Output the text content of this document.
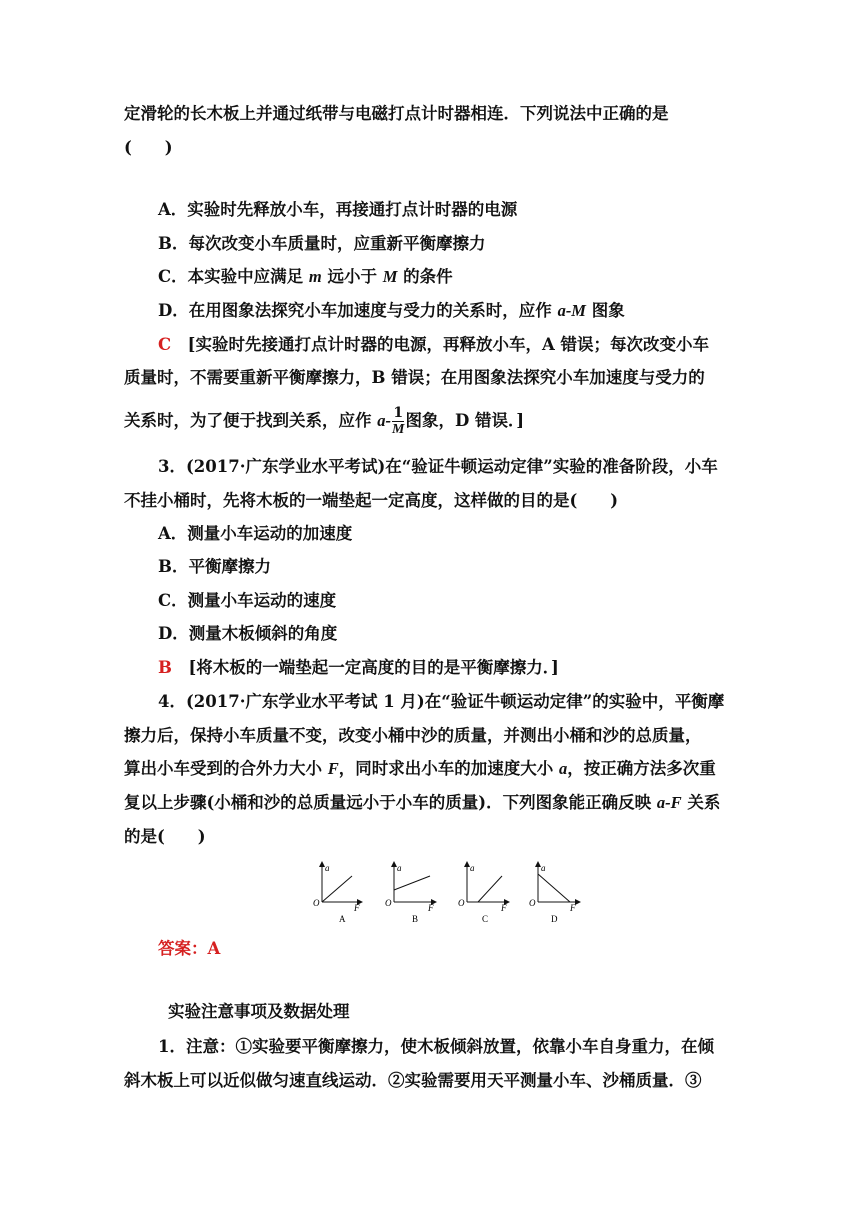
定滑轮的长木板上并通过纸带与电磁打点计时器相连．下列说法中正确的是
(　　)
A．实验时先释放小车，再接通打点计时器的电源
B．每次改变小车质量时，应重新平衡摩擦力
C．本实验中应满足 m 远小于 M 的条件
D．在用图象法探究小车加速度与受力的关系时，应作 a-M 图象
C　 [实验时先接通打点计时器的电源，再释放小车，A 错误；每次改变小车
质量时，不需要重新平衡摩擦力，B 错误；在用图象法探究小车加速度与受力的
关系时，为了便于找到关系，应作 $a- \frac{1}{M}$ 图象，D 错误．]
3．(2017·广东学业水平考试)在“验证牛顿运动定律”实验的准备阶段，小车
不挂小桶时，先将木板的一端垫起一定高度，这样做的目的是(　　)
A．测量小车运动的加速度
B．平衡摩擦力
C．测量小车运动的速度
D．测量木板倾斜的角度
B　 [将木板的一端垫起一定高度的目的是平衡摩擦力．]
4．(2017·广东学业水平考试 1 月)在“验证牛顿运动定律”的实验中，平衡摩
擦力后，保持小车质量不变，改变小桶中沙的质量，并测出小桶和沙的总质量，
算出小车受到的合外力大小 F，同时求出小车的加速度大小 a，按正确方法多次重
复以上步骤(小桶和沙的总质量远小于小车的质量)．下列图象能正确反映 a-F 关系
的是(　　)
a
O	F
A
a
O	F
B
a
O	F
C
a
O	F
D
答案：A
实验注意事项及数据处理
1．注意：①实验要平衡摩擦力，使木板倾斜放置，依靠小车自身重力，在倾
斜木板上可以近似做匀速直线运动．②实验需要用天平测量小车、沙桶质量．③
